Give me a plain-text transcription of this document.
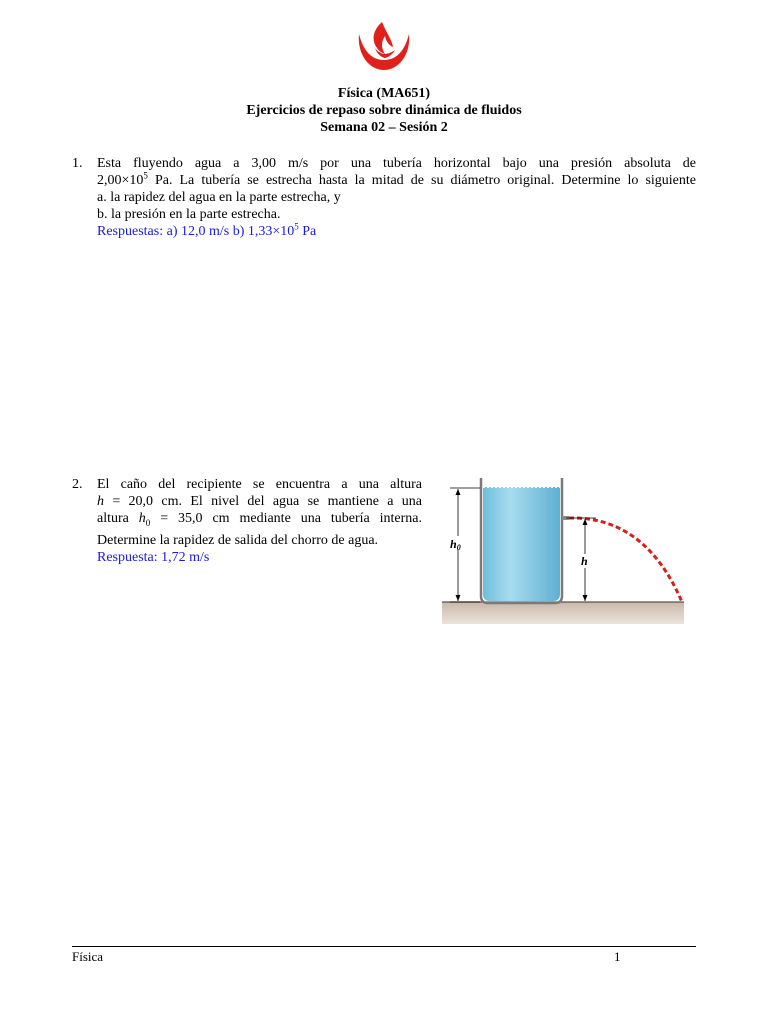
Física (MA651)
Ejercicios de repaso sobre dinámica de fluidos
Semana 02 – Sesión 2
1. Esta fluyendo agua a 3,00 m/s por una tubería horizontal bajo una presión absoluta de

$2,00\times 10^5$ Pa. La tubería se estrecha hasta la mitad de su diámetro original. Determine lo siguiente

a. la rapidez del agua en la parte estrecha, y

b. la presión en la parte estrecha.

Respuestas: a) 12,0 m/s b) $1,33\times 10^5$ Pa

2. El caño del recipiente se encuentra a una altura

h = 20,0 cm. El nivel del agua se mantiene a una

altura $h_0 = 35,0$ cm mediante una tubería interna.

Determine la rapidez de salida del chorro de agua.

Respuesta: 1,72 m/s

h0
h
Física	1
